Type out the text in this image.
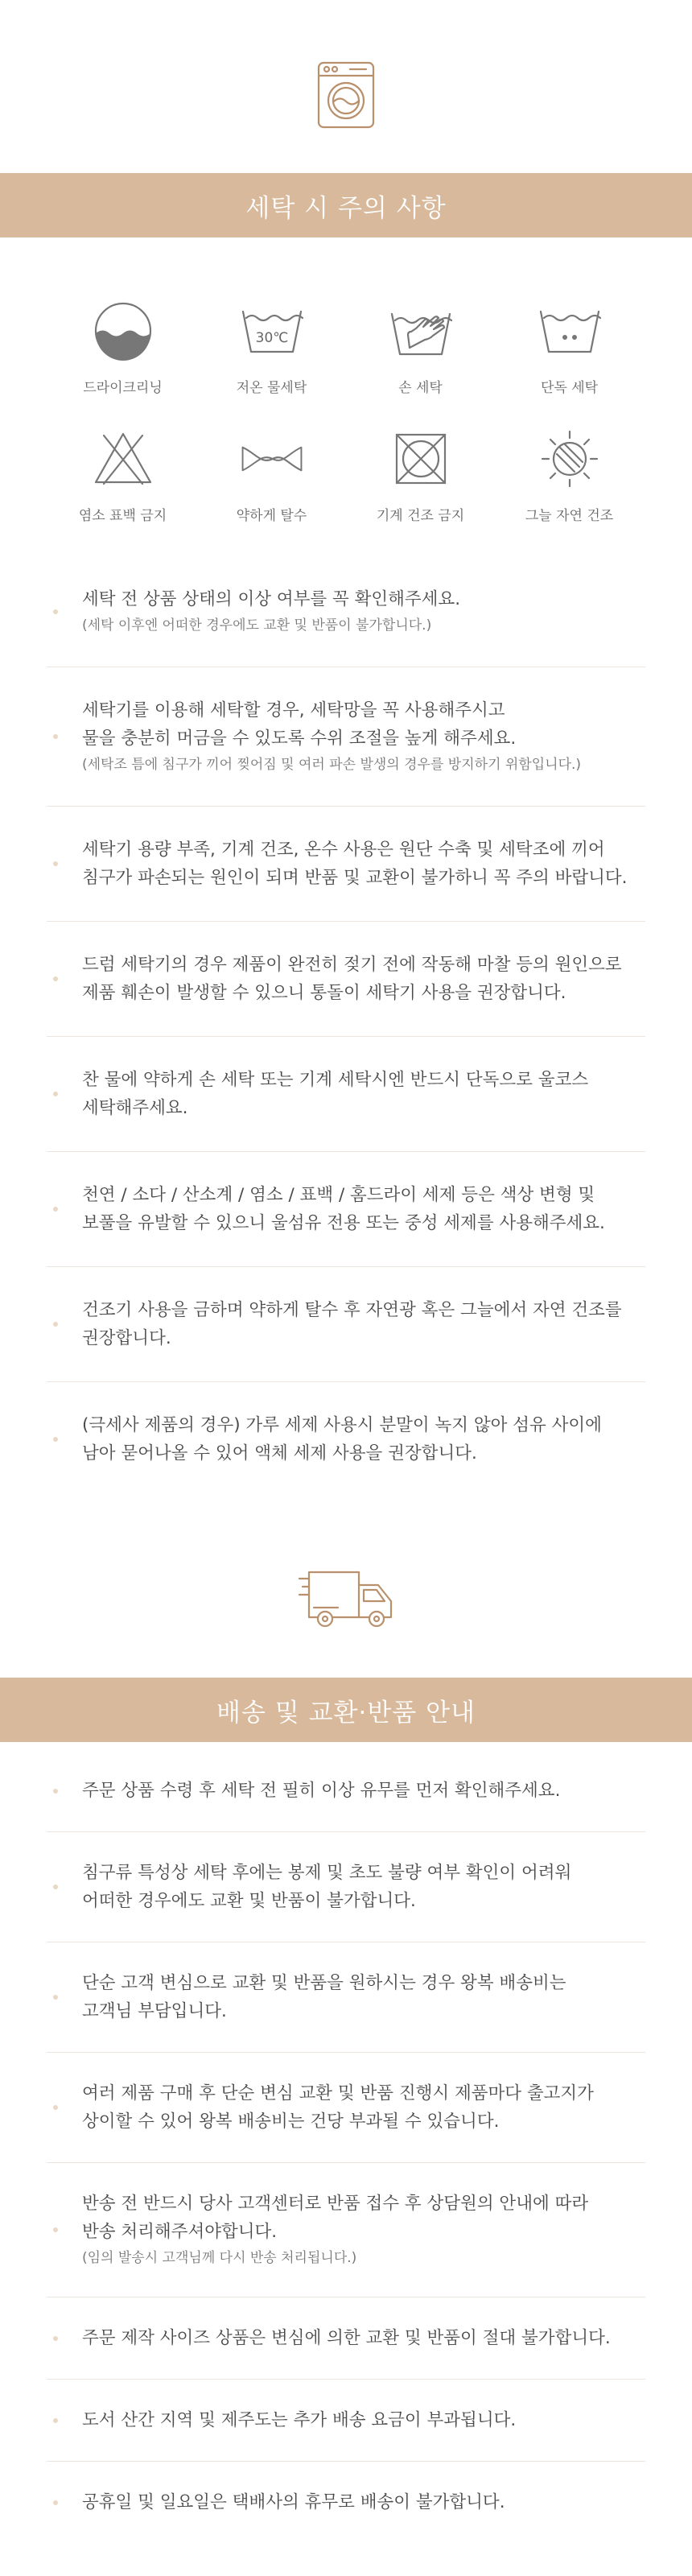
세탁 시 주의 사항
드라이크리닝
30℃
저온 물세탁	손 세탁	단독 세탁
염소 표백 금지	약하게 탈수	기계 건조 금지	그늘 자연 건조
세탁 전 상품 상태의 이상 여부를 꼭 확인해주세요.
(세탁 이후엔 어떠한 경우에도 교환 및 반품이 불가합니다.)
세탁기를 이용해 세탁할 경우, 세탁망을 꼭 사용해주시고
물을 충분히 머금을 수 있도록 수위 조절을 높게 해주세요.
(세탁조 틈에 침구가 끼어 찢어짐 및 여러 파손 발생의 경우를 방지하기 위함입니다.)
세탁기 용량 부족, 기계 건조, 온수 사용은 원단 수축 및 세탁조에 끼어
침구가 파손되는 원인이 되며 반품 및 교환이 불가하니 꼭 주의 바랍니다.
드럼 세탁기의 경우 제품이 완전히 젖기 전에 작동해 마찰 등의 원인으로
제품 훼손이 발생할 수 있으니 통돌이 세탁기 사용을 권장합니다.
찬 물에 약하게 손 세탁 또는 기계 세탁시엔 반드시 단독으로 울코스
세탁해주세요.
천연 / 소다 / 산소계 / 염소 / 표백 / 홈드라이 세제 등은 색상 변형 및
보풀을 유발할 수 있으니 울섬유 전용 또는 중성 세제를 사용해주세요.
건조기 사용을 금하며 약하게 탈수 후 자연광 혹은 그늘에서 자연 건조를
권장합니다.
(극세사 제품의 경우) 가루 세제 사용시 분말이 녹지 않아 섬유 사이에
남아 묻어나올 수 있어 액체 세제 사용을 권장합니다.
배송 및 교환·반품 안내
주문 상품 수령 후 세탁 전 필히 이상 유무를 먼저 확인해주세요.
침구류 특성상 세탁 후에는 봉제 및 초도 불량 여부 확인이 어려워
어떠한 경우에도 교환 및 반품이 불가합니다.
단순 고객 변심으로 교환 및 반품을 원하시는 경우 왕복 배송비는
고객님 부담입니다.
여러 제품 구매 후 단순 변심 교환 및 반품 진행시 제품마다 출고지가
상이할 수 있어 왕복 배송비는 건당 부과될 수 있습니다.
반송 전 반드시 당사 고객센터로 반품 접수 후 상담원의 안내에 따라
반송 처리해주셔야합니다.
(임의 발송시 고객님께 다시 반송 처리됩니다.)
주문 제작 사이즈 상품은 변심에 의한 교환 및 반품이 절대 불가합니다.
도서 산간 지역 및 제주도는 추가 배송 요금이 부과됩니다.
공휴일 및 일요일은 택배사의 휴무로 배송이 불가합니다.
